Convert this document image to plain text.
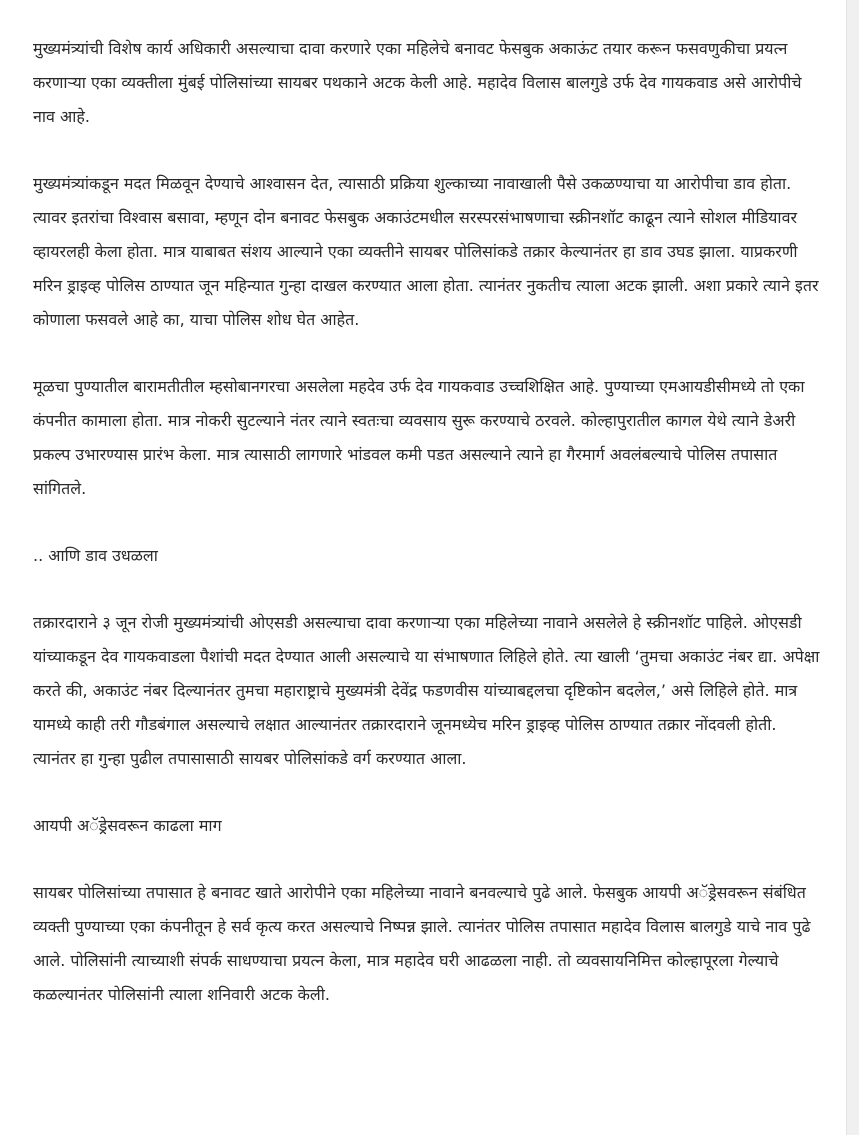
मुख्यमंत्र्यांची विशेष कार्य अधिकारी असल्याचा दावा करणारे एका महिलेचे बनावट फेसबुक अकाऊंट तयार करून फसवणुकीचा प्रयत्न करणाऱ्या एका व्यक्तीला मुंबई पोलिसांच्या सायबर पथकाने अटक केली आहे. महादेव विलास बालगुडे उर्फ देव गायकवाड असे आरोपीचे नाव आहे.

मुख्यमंत्र्यांकडून मदत मिळवून देण्याचे आश्वासन देत, त्यासाठी प्रक्रिया शुल्काच्या नावाखाली पैसे उकळण्याचा या आरोपीचा डाव होता. त्यावर इतरांचा विश्वास बसावा, म्हणून दोन बनावट फेसबुक अकाउंटमधील सरस्परसंभाषणाचा स्क्रीनशॉट काढून त्याने सोशल मीडियावर व्हायरलही केला होता. मात्र याबाबत संशय आल्याने एका व्यक्तीने सायबर पोलिसांकडे तक्रार केल्यानंतर हा डाव उघड झाला. याप्रकरणी मरिन ड्राइव्ह पोलिस ठाण्यात जून महिन्यात गुन्हा दाखल करण्यात आला होता. त्यानंतर नुकतीच त्याला अटक झाली. अशा प्रकारे त्याने इतर कोणाला फसवले आहे का, याचा पोलिस शोध घेत आहेत.

मूळचा पुण्यातील बारामतीतील म्हसोबानगरचा असलेला महदेव उर्फ देव गायकवाड उच्चशिक्षित आहे. पुण्याच्या एमआयडीसीमध्ये तो एका कंपनीत कामाला होता. मात्र नोकरी सुटल्याने नंतर त्याने स्वतःचा व्यवसाय सुरू करण्याचे ठरवले. कोल्हापुरातील कागल येथे त्याने डेअरी प्रकल्प उभारण्यास प्रारंभ केला. मात्र त्यासाठी लागणारे भांडवल कमी पडत असल्याने त्याने हा गैरमार्ग अवलंबल्याचे पोलिस तपासात सांगितले.

.. आणि डाव उधळला

तक्रारदाराने ३ जून रोजी मुख्यमंत्र्यांची ओएसडी असल्याचा दावा करणाऱ्या एका महिलेच्या नावाने असलेले हे स्क्रीनशॉट पाहिले. ओएसडी यांच्याकडून देव गायकवाडला पैशांची मदत देण्यात आली असल्याचे या संभाषणात लिहिले होते. त्या खाली ‘तुमचा अकाउंट नंबर द्या. अपेक्षा करते की, अकाउंट नंबर दिल्यानंतर तुमचा महाराष्ट्राचे मुख्यमंत्री देवेंद्र फडणवीस यांच्याबद्दलचा दृष्टिकोन बदलेल,’ असे लिहिले होते. मात्र यामध्ये काही तरी गौडबंगाल असल्याचे लक्षात आल्यानंतर तक्रारदाराने जूनमध्येच मरिन ड्राइव्ह पोलिस ठाण्यात तक्रार नोंदवली होती. त्यानंतर हा गुन्हा पुढील तपासासाठी सायबर पोलिसांकडे वर्ग करण्यात आला.

आयपी अॅड्रेसवरून काढला माग

सायबर पोलिसांच्या तपासात हे बनावट खाते आरोपीने एका महिलेच्या नावाने बनवल्याचे पुढे आले. फेसबुक आयपी अॅड्रेसवरून संबंधित व्यक्ती पुण्याच्या एका कंपनीतून हे सर्व कृत्य करत असल्याचे निष्पन्न झाले. त्यानंतर पोलिस तपासात महादेव विलास बालगुडे याचे नाव पुढे आले. पोलिसांनी त्याच्याशी संपर्क साधण्याचा प्रयत्न केला, मात्र महादेव घरी आढळला नाही. तो व्यवसायनिमित्त कोल्हापूरला गेल्याचे कळल्यानंतर पोलिसांनी त्याला शनिवारी अटक केली.
